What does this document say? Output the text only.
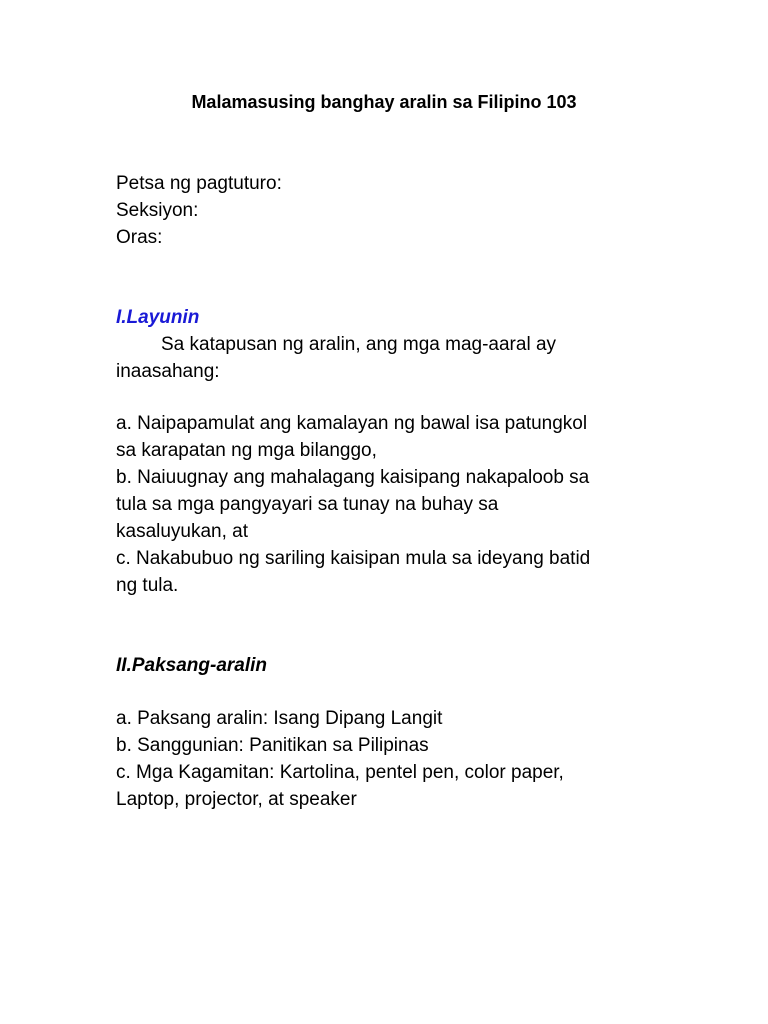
Malamasusing banghay aralin sa Filipino 103
Petsa ng pagtuturo:
Seksiyon:
Oras:
I.Layunin
Sa katapusan ng aralin, ang mga mag-aaral ay
inaasahang:
a. Naipapamulat ang kamalayan ng bawal isa patungkol
sa karapatan ng mga bilanggo,
b. Naiuugnay ang mahalagang kaisipang nakapaloob sa
tula sa mga pangyayari sa tunay na buhay sa
kasaluyukan, at
c. Nakabubuo ng sariling kaisipan mula sa ideyang batid
ng tula.
II.Paksang-aralin
a. Paksang aralin: Isang Dipang Langit
b. Sanggunian: Panitikan sa Pilipinas
c. Mga Kagamitan: Kartolina, pentel pen, color paper,
Laptop, projector, at speaker
